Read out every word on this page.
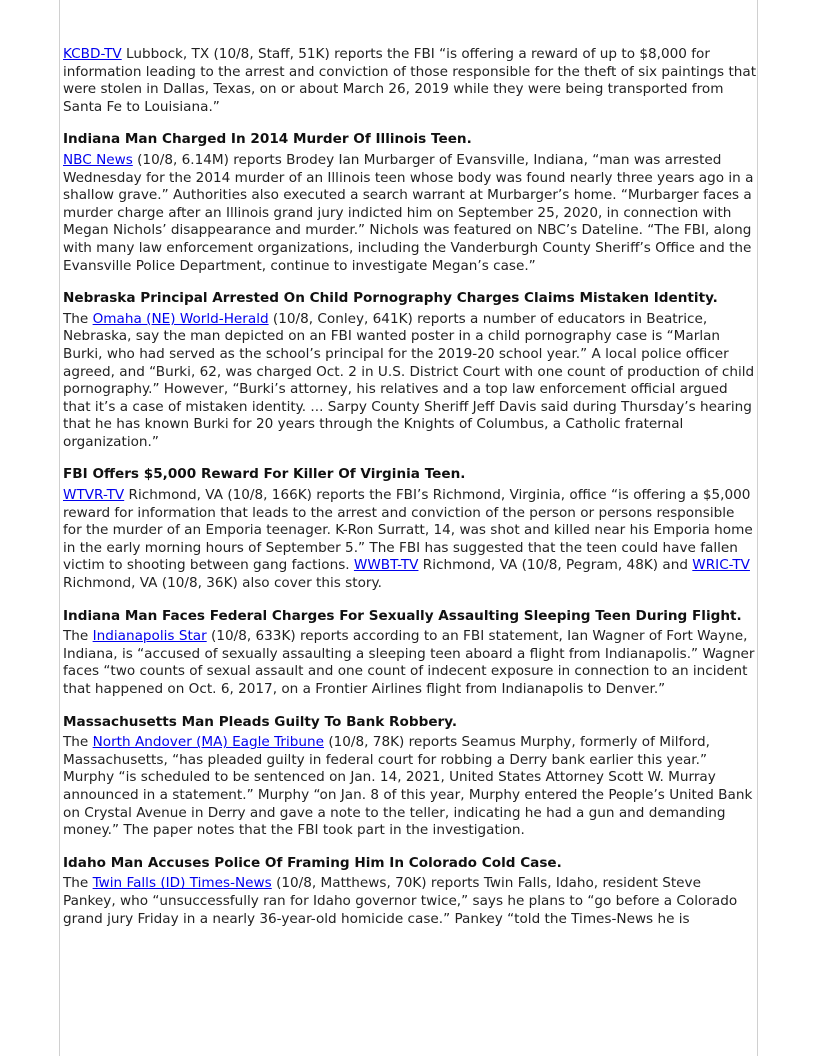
KCBD-TV Lubbock, TX (10/8, Staff, 51K) reports the FBI “is offering a reward of up to $8,000 for information leading to the arrest and conviction of those responsible for the theft of six paintings that were stolen in Dallas, Texas, on or about March 26, 2019 while they were being transported from Santa Fe to Louisiana.”

Indiana Man Charged In 2014 Murder Of Illinois Teen.

NBC News (10/8, 6.14M) reports Brodey Ian Murbarger of Evansville, Indiana, “man was arrested Wednesday for the 2014 murder of an Illinois teen whose body was found nearly three years ago in a shallow grave.” Authorities also executed a search warrant at Murbarger’s home. “Murbarger faces a murder charge after an Illinois grand jury indicted him on September 25, 2020, in connection with Megan Nichols’ disappearance and murder.” Nichols was featured on NBC’s Dateline. “The FBI, along with many law enforcement organizations, including the Vanderburgh County Sheriff’s Office and the Evansville Police Department, continue to investigate Megan’s case.”

Nebraska Principal Arrested On Child Pornography Charges Claims Mistaken Identity.

The Omaha (NE) World-Herald (10/8, Conley, 641K) reports a number of educators in Beatrice, Nebraska, say the man depicted on an FBI wanted poster in a child pornography case is “Marlan Burki, who had served as the school’s principal for the 2019-20 school year.” A local police officer agreed, and “Burki, 62, was charged Oct. 2 in U.S. District Court with one count of production of child pornography.” However, “Burki’s attorney, his relatives and a top law enforcement official argued that it’s a case of mistaken identity. ... Sarpy County Sheriff Jeff Davis said during Thursday’s hearing that he has known Burki for 20 years through the Knights of Columbus, a Catholic fraternal organization.”

FBI Offers $5,000 Reward For Killer Of Virginia Teen.

WTVR-TV Richmond, VA (10/8, 166K) reports the FBI’s Richmond, Virginia, office “is offering a $5,000 reward for information that leads to the arrest and conviction of the person or persons responsible for the murder of an Emporia teenager. K-Ron Surratt, 14, was shot and killed near his Emporia home in the early morning hours of September 5.” The FBI has suggested that the teen could have fallen victim to shooting between gang factions. WWBT-TV Richmond, VA (10/8, Pegram, 48K) and WRIC-TV Richmond, VA (10/8, 36K) also cover this story.

Indiana Man Faces Federal Charges For Sexually Assaulting Sleeping Teen During Flight.

The Indianapolis Star (10/8, 633K) reports according to an FBI statement, Ian Wagner of Fort Wayne, Indiana, is “accused of sexually assaulting a sleeping teen aboard a flight from Indianapolis.” Wagner faces “two counts of sexual assault and one count of indecent exposure in connection to an incident that happened on Oct. 6, 2017, on a Frontier Airlines flight from Indianapolis to Denver.”

Massachusetts Man Pleads Guilty To Bank Robbery.

The North Andover (MA) Eagle Tribune (10/8, 78K) reports Seamus Murphy, formerly of Milford, Massachusetts, “has pleaded guilty in federal court for robbing a Derry bank earlier this year.” Murphy “is scheduled to be sentenced on Jan. 14, 2021, United States Attorney Scott W. Murray announced in a statement.” Murphy “on Jan. 8 of this year, Murphy entered the People’s United Bank on Crystal Avenue in Derry and gave a note to the teller, indicating he had a gun and demanding money.” The paper notes that the FBI took part in the investigation.

Idaho Man Accuses Police Of Framing Him In Colorado Cold Case.

The Twin Falls (ID) Times-News (10/8, Matthews, 70K) reports Twin Falls, Idaho, resident Steve Pankey, who “unsuccessfully ran for Idaho governor twice,” says he plans to “go before a Colorado grand jury Friday in a nearly 36-year-old homicide case.” Pankey “told the Times-News he is
